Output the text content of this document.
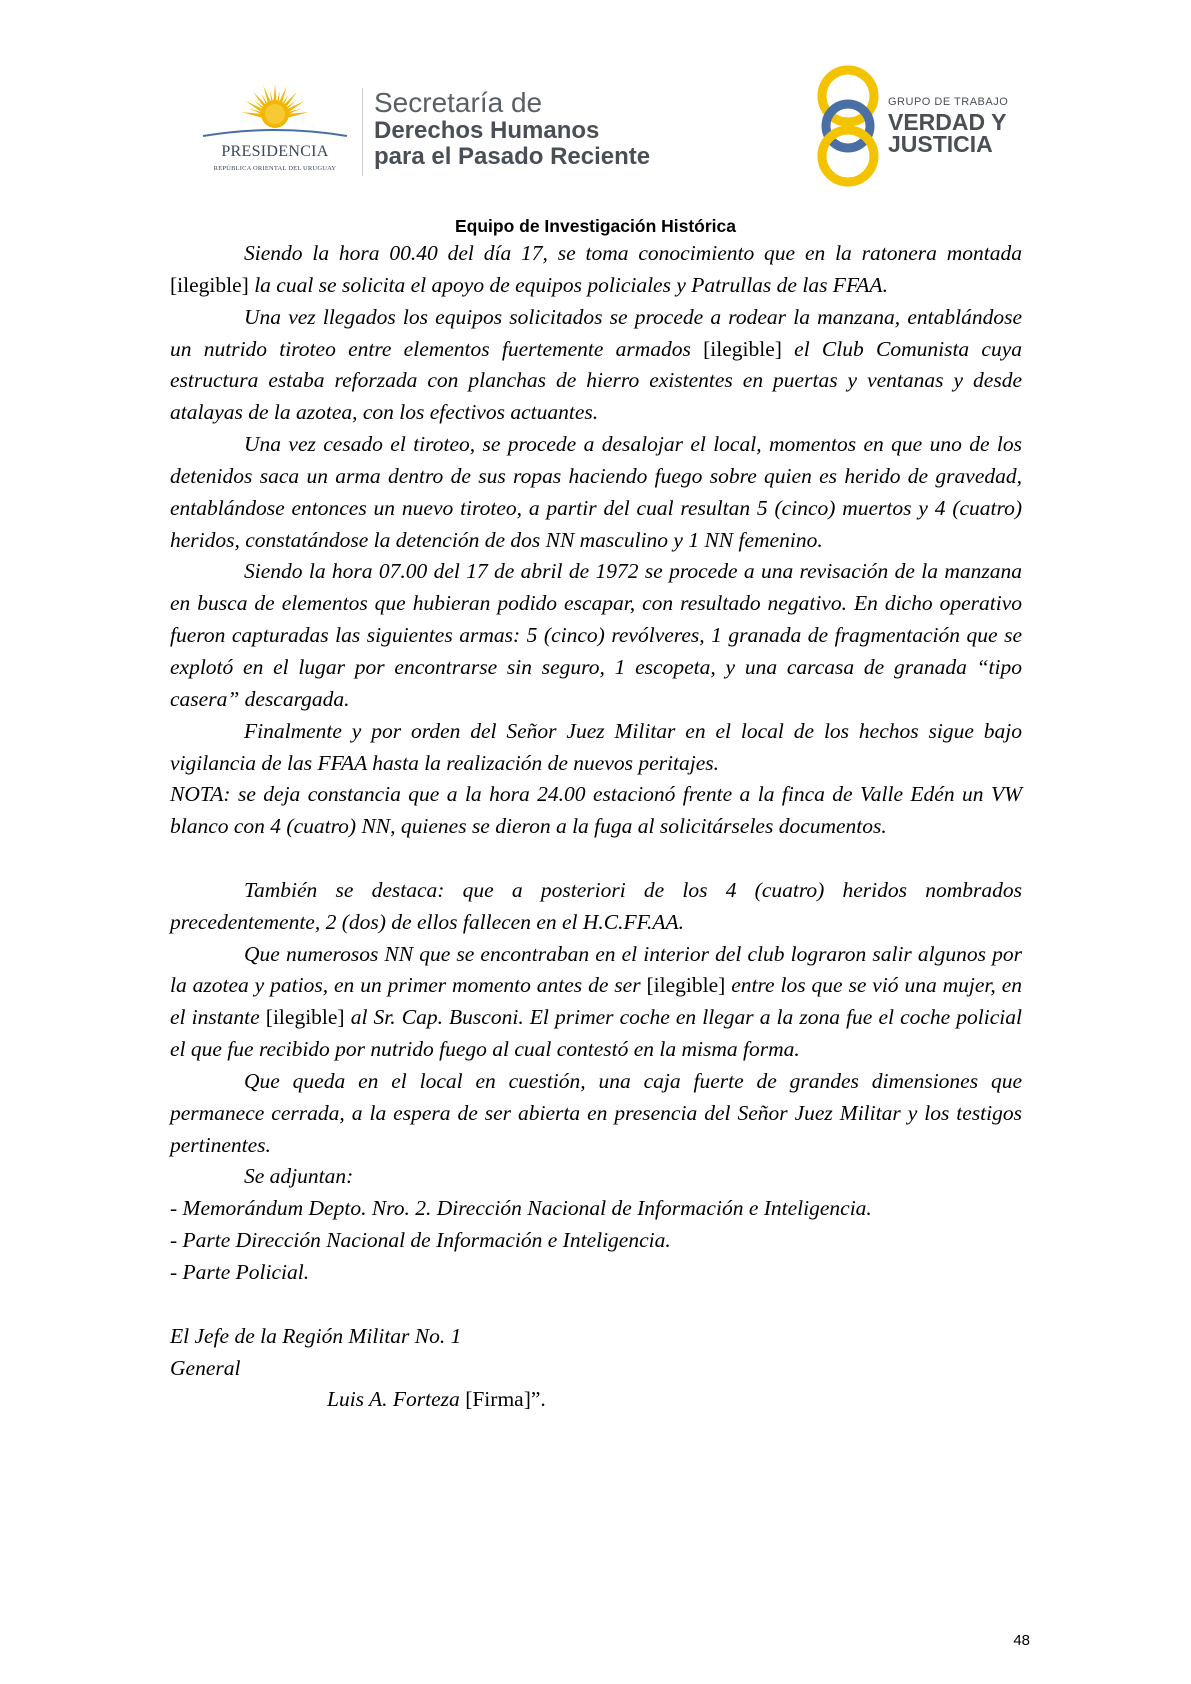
PRESIDENCIA
REPÚBLICA ORIENTAL DEL URUGUAY
Secretaría de
Derechos Humanos
para el Pasado Reciente
GRUPO DE TRABAJO
VERDAD Y
JUSTICIA
Equipo de Investigación Histórica

Siendo la hora 00.40 del día 17, se toma conocimiento que en la ratonera montada [ilegible] la cual se solicita el apoyo de equipos policiales y Patrullas de las FFAA.

Una vez llegados los equipos solicitados se procede a rodear la manzana, entablándose un nutrido tiroteo entre elementos fuertemente armados [ilegible] el Club Comunista cuya estructura estaba reforzada con planchas de hierro existentes en puertas y ventanas y desde atalayas de la azotea, con los efectivos actuantes.

Una vez cesado el tiroteo, se procede a desalojar el local, momentos en que uno de los detenidos saca un arma dentro de sus ropas haciendo fuego sobre quien es herido de gravedad, entablándose entonces un nuevo tiroteo, a partir del cual resultan 5 (cinco) muertos y 4 (cuatro) heridos, constatándose la detención de dos NN masculino y 1 NN femenino.

Siendo la hora 07.00 del 17 de abril de 1972 se procede a una revisación de la manzana en busca de elementos que hubieran podido escapar, con resultado negativo. En dicho operativo fueron capturadas las siguientes armas: 5 (cinco) revólveres, 1 granada de fragmentación que se explotó en el lugar por encontrarse sin seguro, 1 escopeta, y una carcasa de granada “tipo casera” descargada.

Finalmente y por orden del Señor Juez Militar en el local de los hechos sigue bajo vigilancia de las FFAA hasta la realización de nuevos peritajes.

NOTA: se deja constancia que a la hora 24.00 estacionó frente a la finca de Valle Edén un VW blanco con 4 (cuatro) NN, quienes se dieron a la fuga al solicitárseles documentos.

También se destaca: que a posteriori de los 4 (cuatro) heridos nombrados precedentemente, 2 (dos) de ellos fallecen en el H.C.FF.AA.

Que numerosos NN que se encontraban en el interior del club lograron salir algunos por la azotea y patios, en un primer momento antes de ser [ilegible] entre los que se vió una mujer, en el instante [ilegible] al Sr. Cap. Busconi. El primer coche en llegar a la zona fue el coche policial el que fue recibido por nutrido fuego al cual contestó en la misma forma.

Que queda en el local en cuestión, una caja fuerte de grandes dimensiones que permanece cerrada, a la espera de ser abierta en presencia del Señor Juez Militar y los testigos pertinentes.

Se adjuntan:

- Memorándum Depto. Nro. 2. Dirección Nacional de Información e Inteligencia.

- Parte Dirección Nacional de Información e Inteligencia.

- Parte Policial.

El Jefe de la Región Militar No. 1

General

Luis A. Forteza [Firma]”.

48
